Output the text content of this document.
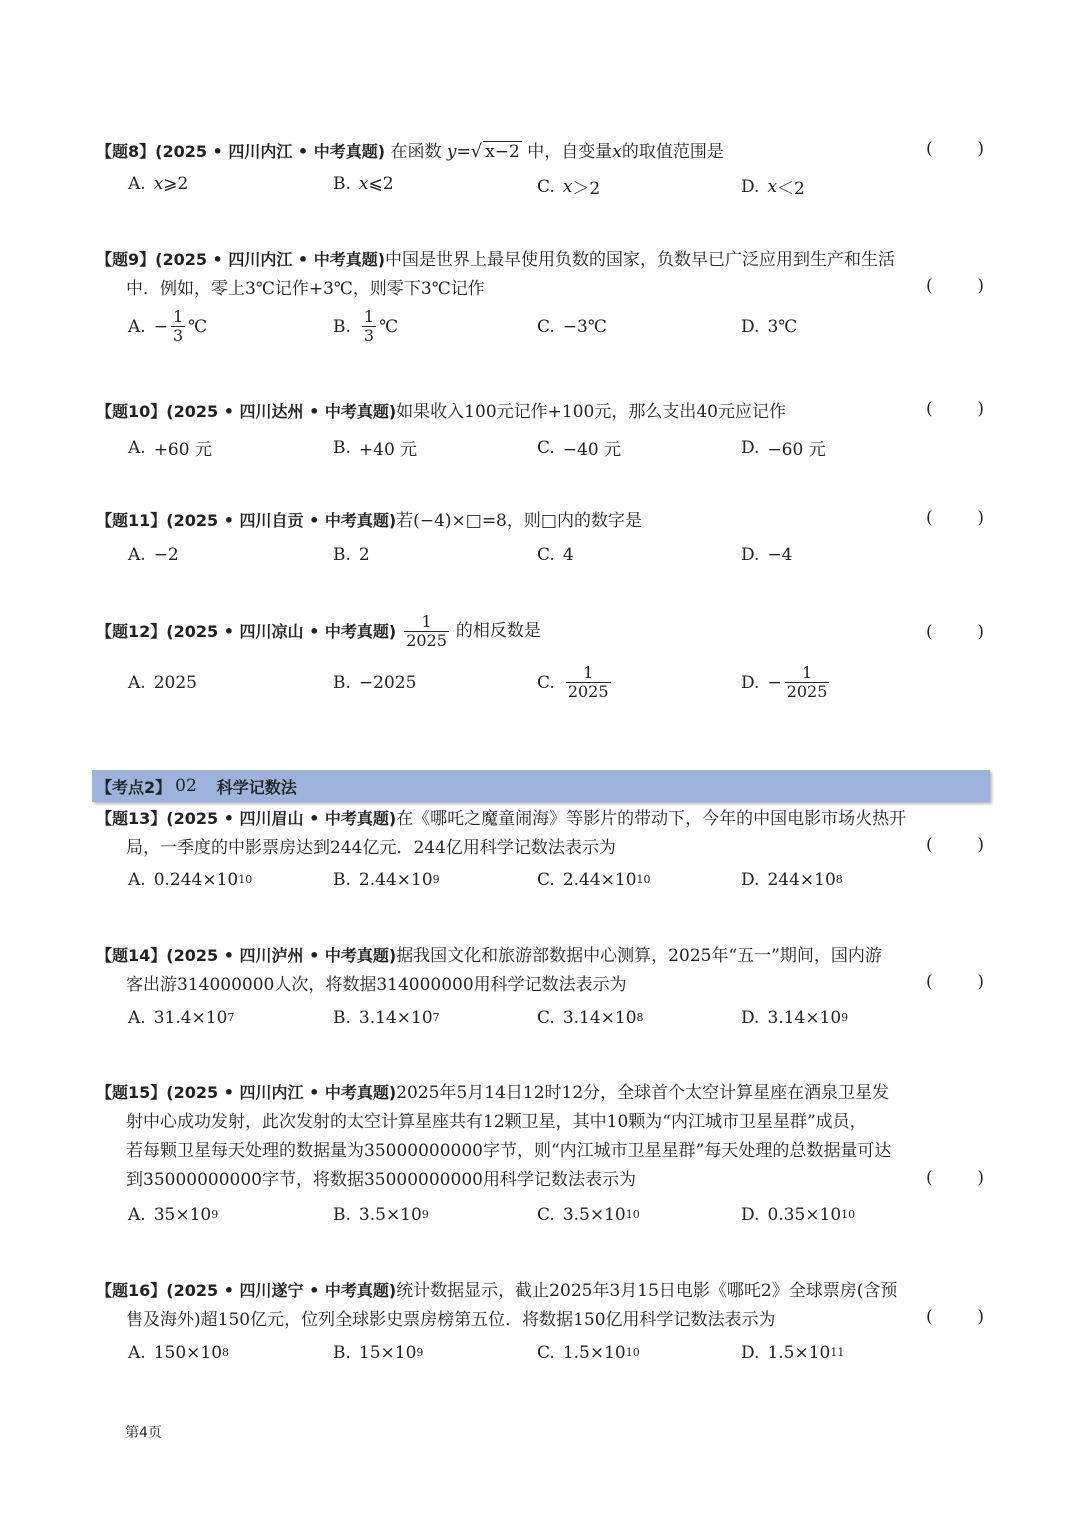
【题8】(2025 • 四川内江 • 中考真题) 在函数 y=√ x−2 中，自变量x的取值范围是	(	)
A. x ⩾2	B. x ⩽2	C. x ＞2	D. x ＜2
【题9】(2025 • 四川内江 • 中考真题)中国是世界上最早使用负数的国家，负数早已广泛应用到生产和生活
中．例如，零上3℃记作+3℃，则零下3℃记作	(	)
A. − $\frac{1}{3}$ ℃	B. $\frac{1}{3}$ ℃	C. −3℃	D. 3℃
【题10】(2025 • 四川达州 • 中考真题)如果收入100元记作+100元，那么支出40元应记作	(	)
A. +60 元	B. +40 元	C. −40 元	D. −60 元
【题11】(2025 • 四川自贡 • 中考真题)若(−4)×□=8，则□内的数字是	(	)
A. −2	B. 2	C. 4	D. −4
【题12】 (2025 • 四川凉山 • 中考真题) $\frac{1}{2025}$ 的相反数是	(	)
A. 2025	B. −2025	C. $\frac{1}{2025}$	D. − $\frac{1}{2025}$
【考点2】 02 科学记数法
【题13】(2025 • 四川眉山 • 中考真题)在《哪吒之魔童闹海》等影片的带动下，今年的中国电影市场火热开
局，一季度的中影票房达到244亿元．244亿用科学记数法表示为	(	)
A. 0.244×10 10	B. 2.44×10 9	C. 2.44×10 10	D. 244×10 8
【题14】(2025 • 四川泸州 • 中考真题)据我国文化和旅游部数据中心测算，2025年“五一”期间，国内游
客出游314000000人次，将数据314000000用科学记数法表示为	(	)
A. 31.4×10 7	B. 3.14×10 7	C. 3.14×10 8	D. 3.14×10 9
【题15】(2025 • 四川内江 • 中考真题)2025年5月14日12时12分，全球首个太空计算星座在酒泉卫星发
射中心成功发射，此次发射的太空计算星座共有12颗卫星，其中10颗为“内江城市卫星星群”成员，
若每颗卫星每天处理的数据量为35000000000字节，则“内江城市卫星星群”每天处理的总数据量可达
到35000000000字节，将数据35000000000用科学记数法表示为	(	)
A. 35×10 9	B. 3.5×10 9	C. 3.5×10 10	D. 0.35×10 10
【题16】(2025 • 四川遂宁 • 中考真题)统计数据显示，截止2025年3月15日电影《哪吒2》全球票房(含预
售及海外)超150亿元，位列全球影史票房榜第五位．将数据150亿用科学记数法表示为	(	)
A. 150×10 8	B. 15×10 9	C. 1.5×10 10	D. 1.5×10 11
第4页
